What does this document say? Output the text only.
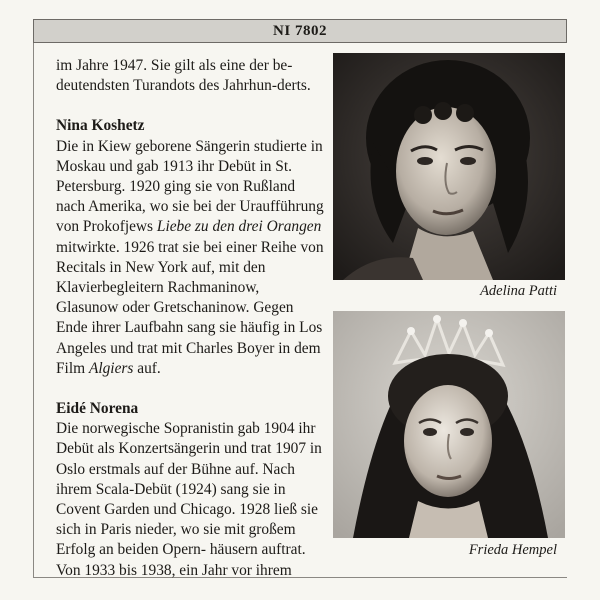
NI 7802

im Jahre 1947. Sie gilt als eine der be-deutendsten Turandots des Jahrhun-derts.

Nina Koshetz

Die in Kiew geborene Sängerin studierte in Moskau und gab 1913 ihr Debüt in St. Petersburg. 1920 ging sie von Rußland nach Amerika, wo sie bei der Uraufführung von Prokofjews Liebe zu den drei Orangen mitwirkte. 1926 trat sie bei einer Reihe von Recitals in New York auf, mit den Klavierbegleitern Rachmaninow, Glasunow oder Gretschaninow. Gegen Ende ihrer Laufbahn sang sie häufig in Los Angeles und trat mit Charles Boyer in dem Film Algiers auf.

Eidé Norena

Die norwegische Sopranistin gab 1904 ihr Debüt als Konzertsängerin und trat 1907 in Oslo erstmals auf der Bühne auf. Nach ihrem Scala-Debüt (1924) sang sie in Covent Garden und Chicago. 1928 ließ sie sich in Paris nieder, wo sie mit großem Erfolg an beiden Opern- häusern auftrat. Von 1933 bis 1938, ein Jahr vor ihrem

Adelina Patti
Frieda Hempel
